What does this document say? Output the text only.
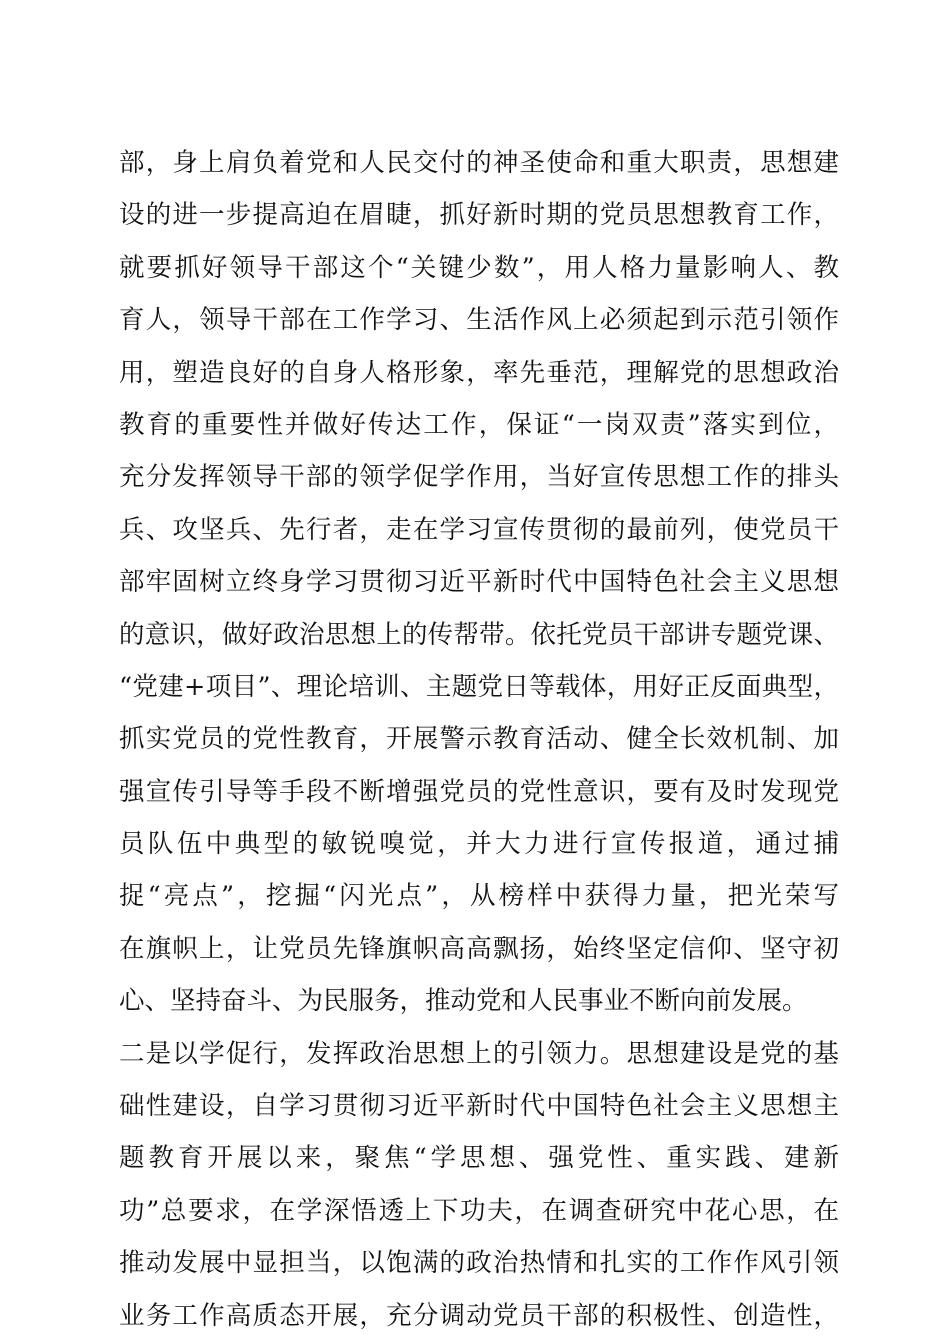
部，身上肩负着党和人民交付的神圣使命和重大职责，思想建
设的进一步提高迫在眉睫，抓好新时期的党员思想教育工作，
就要抓好领导干部这个“关键少数”，用人格力量影响人、教
育人，领导干部在工作学习、生活作风上必须起到示范引领作
用，塑造良好的自身人格形象，率先垂范，理解党的思想政治
教育的重要性并做好传达工作，保证“一岗双责”落实到位，
充分发挥领导干部的领学促学作用，当好宣传思想工作的排头
兵、攻坚兵、先行者，走在学习宣传贯彻的最前列，使党员干
部牢固树立终身学习贯彻习近平新时代中国特色社会主义思想
的意识，做好政治思想上的传帮带。依托党员干部讲专题党课、
“党建+项目”、理论培训、主题党日等载体，用好正反面典型，
抓实党员的党性教育，开展警示教育活动、健全长效机制、加
强宣传引导等手段不断增强党员的党性意识，要有及时发现党
员队伍中典型的敏锐嗅觉，并大力进行宣传报道，通过捕
捉“亮点”，挖掘“闪光点”，从榜样中获得力量，把光荣写
在旗帜上，让党员先锋旗帜高高飘扬，始终坚定信仰、坚守初
心、坚持奋斗、为民服务，推动党和人民事业不断向前发展。
二是以学促行，发挥政治思想上的引领力。思想建设是党的基
础性建设，自学习贯彻习近平新时代中国特色社会主义思想主
题教育开展以来，聚焦“学思想、强党性、重实践、建新
功”总要求，在学深悟透上下功夫，在调查研究中花心思，在
推动发展中显担当，以饱满的政治热情和扎实的工作作风引领
业务工作高质态开展，充分调动党员干部的积极性、创造性，
